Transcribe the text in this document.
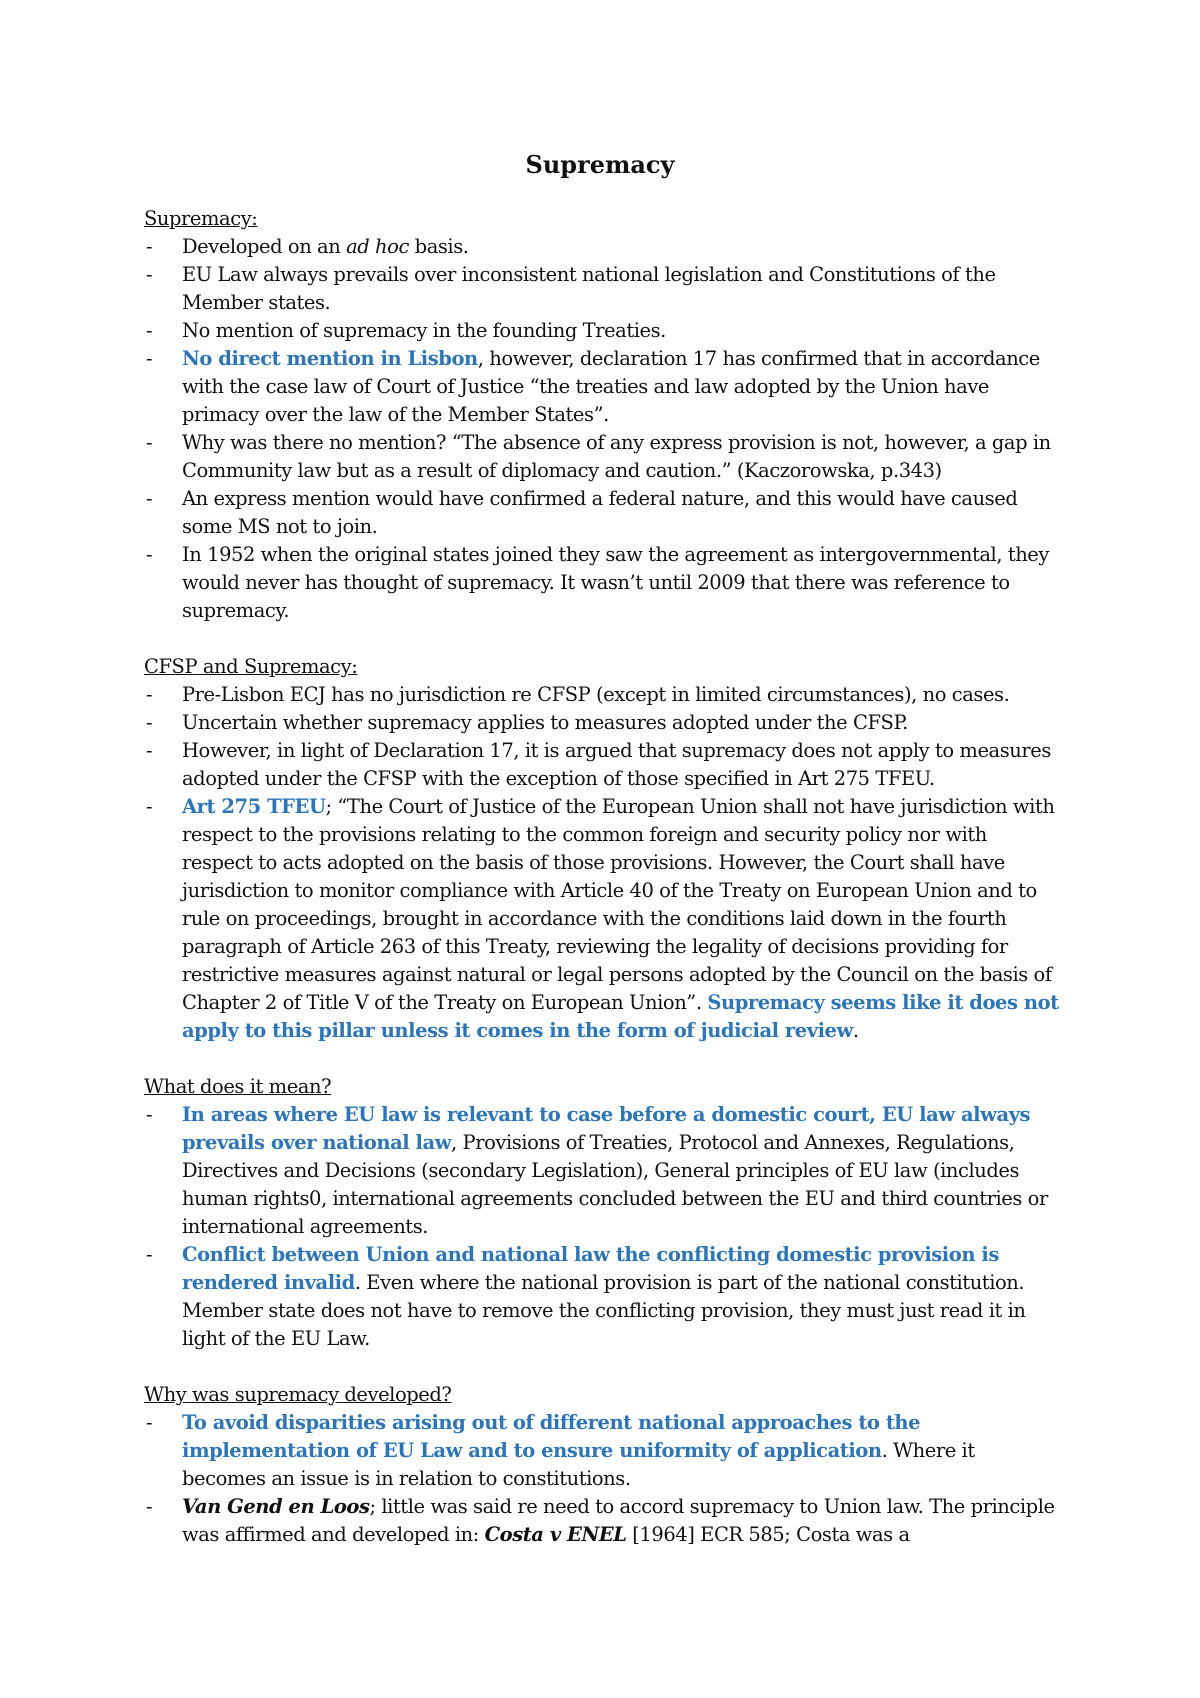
Supremacy
Supremacy:
- Developed on an ad hoc basis.
- EU Law always prevails over inconsistent national legislation and Constitutions of the Member states.
- No mention of supremacy in the founding Treaties.
- No direct mention in Lisbon, however, declaration 17 has confirmed that in accordance with the case law of Court of Justice “the treaties and law adopted by the Union have primacy over the law of the Member States”.
- Why was there no mention? “The absence of any express provision is not, however, a gap in Community law but as a result of diplomacy and caution.” (Kaczorowska, p.343)
- An express mention would have confirmed a federal nature, and this would have caused some MS not to join.
- In 1952 when the original states joined they saw the agreement as intergovernmental, they would never has thought of supremacy. It wasn’t until 2009 that there was reference to supremacy.
CFSP and Supremacy:
- Pre-Lisbon ECJ has no jurisdiction re CFSP (except in limited circumstances), no cases.
- Uncertain whether supremacy applies to measures adopted under the CFSP.
- However, in light of Declaration 17, it is argued that supremacy does not apply to measures adopted under the CFSP with the exception of those specified in Art 275 TFEU.
- Art 275 TFEU; “The Court of Justice of the European Union shall not have jurisdiction with respect to the provisions relating to the common foreign and security policy nor with respect to acts adopted on the basis of those provisions. However, the Court shall have jurisdiction to monitor compliance with Article 40 of the Treaty on European Union and to rule on proceedings, brought in accordance with the conditions laid down in the fourth paragraph of Article 263 of this Treaty, reviewing the legality of decisions providing for restrictive measures against natural or legal persons adopted by the Council on the basis of Chapter 2 of Title V of the Treaty on European Union”. Supremacy seems like it does not apply to this pillar unless it comes in the form of judicial review.
What does it mean?
- In areas where EU law is relevant to case before a domestic court, EU law always prevails over national law, Provisions of Treaties, Protocol and Annexes, Regulations, Directives and Decisions (secondary Legislation), General principles of EU law (includes human rights0, international agreements concluded between the EU and third countries or international agreements.
- Conflict between Union and national law the conflicting domestic provision is rendered invalid. Even where the national provision is part of the national constitution. Member state does not have to remove the conflicting provision, they must just read it in light of the EU Law.
Why was supremacy developed?
- To avoid disparities arising out of different national approaches to the implementation of EU Law and to ensure uniformity of application. Where it becomes an issue is in relation to constitutions.
- Van Gend en Loos; little was said re need to accord supremacy to Union law. The principle was affirmed and developed in: Costa v ENEL [1964] ECR 585; Costa was a
